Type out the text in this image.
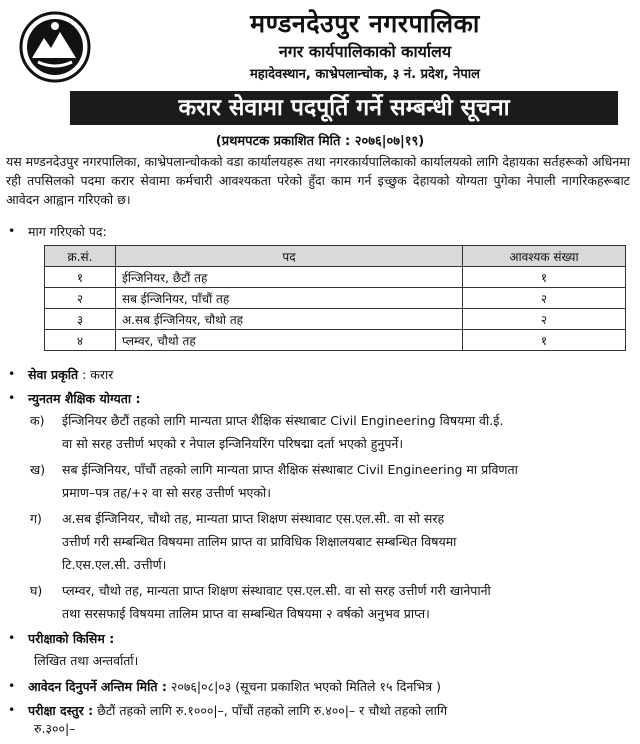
मण्डनदेउपुर नगरपालिका
नगर कार्यपालिकाको कार्यालय
महादेवस्थान, काभ्रेपलान्चोक, ३ नं. प्रदेश, नेपाल
करार सेवामा पदपूर्ति गर्ने सम्बन्धी सूचना
(प्रथमपटक प्रकाशित मिति : २०७६|०७|१९)
यस मण्डनदेउपुर नगरपालिका, काभ्रेपलान्चोकको वडा कार्यालयहरू तथा नगरकार्यपालिकाको कार्यालयको लागि देहायका सर्तहरूको अधिनमा रही तपसिलको पदमा करार सेवामा कर्मचारी आवश्यकता परेको हुँदा काम गर्न इच्छुक देहायको योग्यता पुगेका नेपाली नागरिकहरूबाट आवेदन आह्वान गरिएको छ।
• माग गरिएको पद:
क्र.सं.	पद	आवश्यक संख्या
१	ईन्जिनियर, छैटौं तह	१
२	सब ईन्जिनियर, पाँचौं तह	२
३	अ.सब ईन्जिनियर, चौथो तह	२
४	प्लम्वर, चौथो तह	१
• सेवा प्रकृति : करार
• न्युनतम शैक्षिक योग्यता :
क) ईन्जिनियर छैटौं तहको लागि मान्यता प्राप्त शैक्षिक संस्थाबाट Civil Engineering विषयमा वी.ई.
वा सो सरह उत्तीर्ण भएको र नेपाल इन्जिनियरिंग परिषद्मा दर्ता भएको हुनुपर्ने।
ख) सब ईन्जिनियर, पाँचौं तहको लागि मान्यता प्राप्त शैक्षिक संस्थाबाट Civil Engineering मा प्रविणता
प्रमाण–पत्र तह/+२ वा सो सरह उत्तीर्ण भएको।
ग) अ.सब ईन्जिनियर, चौथो तह, मान्यता प्राप्त शिक्षण संस्थावाट एस.एल.सी. वा सो सरह
उत्तीर्ण गरी सम्बन्धित विषयमा तालिम प्राप्त वा प्राविधिक शिक्षालयबाट सम्बन्धित विषयमा
टि.एस.एल.सी. उत्तीर्ण।
घ) प्लम्वर, चौथो तह, मान्यता प्राप्त शिक्षण संस्थावाट एस.एल.सी. वा सो सरह उत्तीर्ण गरी खानेपानी
तथा सरसफाई विषयमा तालिम प्राप्त वा सम्बन्धित विषयमा २ वर्षको अनुभव प्राप्त।
• परीक्षाको किसिम :
लिखित तथा अन्तर्वार्ता।
• आवेदन दिनुपर्ने अन्तिम मिति : २०७६|०८|०३ (सूचना प्रकाशित भएको मितिले १५ दिनभित्र )
• परीक्षा दस्तुर : छैटौं तहको लागि रु.१०००|–, पाँचौं तहको लागि रु.४००|– र चौथो तहको लागि
रु.३००|–
